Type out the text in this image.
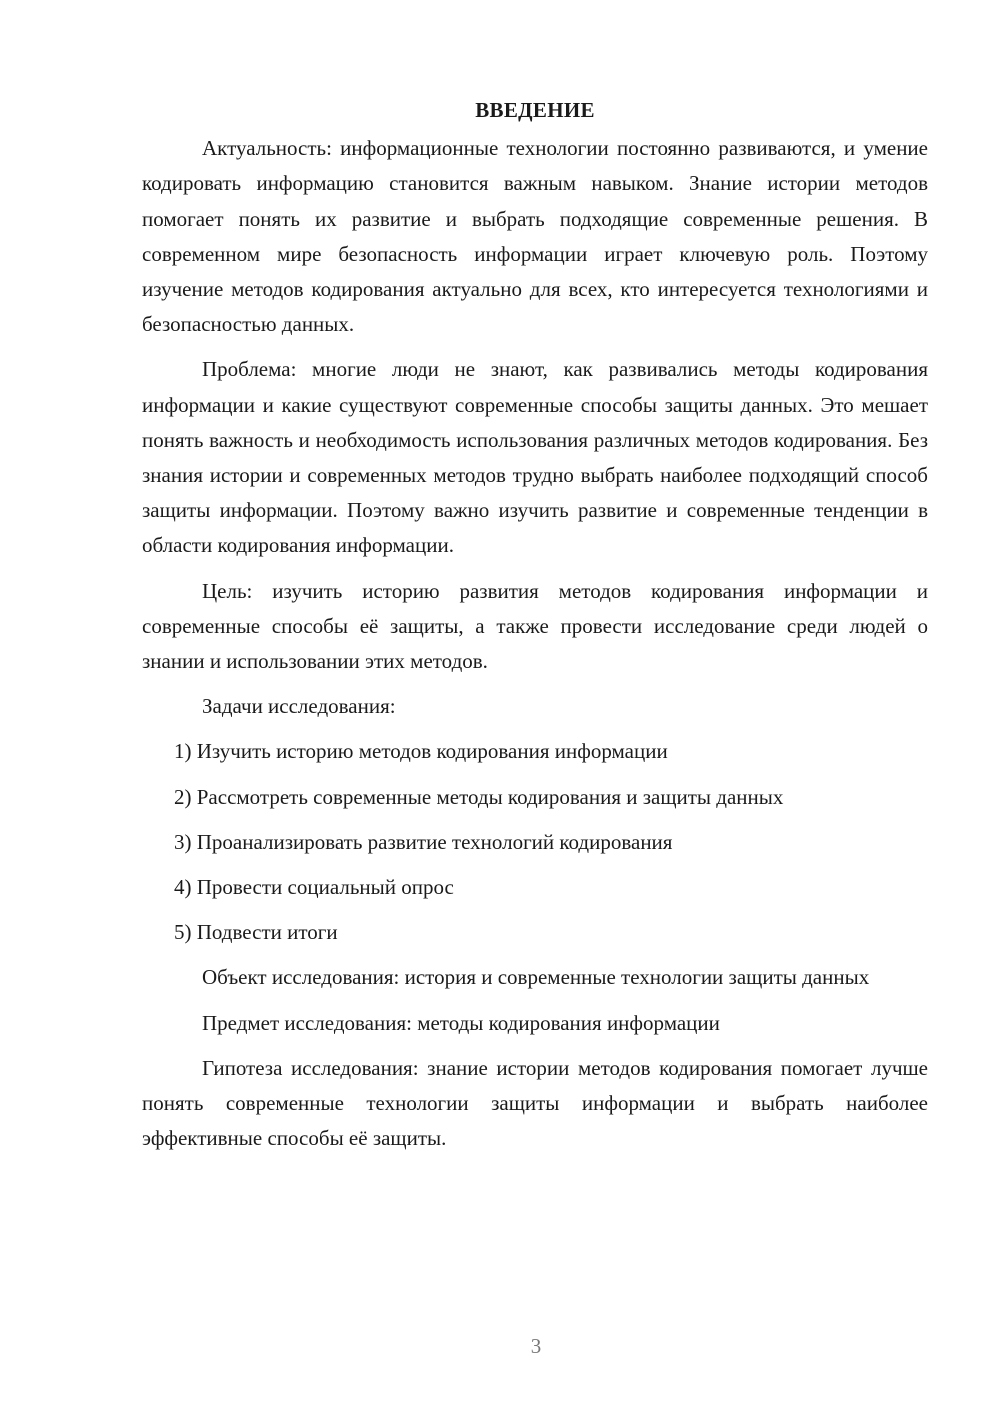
ВВЕДЕНИЕ

Актуальность: информационные технологии постоянно развиваются, и умение кодировать информацию становится важным навыком. Знание истории методов помогает понять их развитие и выбрать подходящие современные решения. В современном мире безопасность информации играет ключевую роль. Поэтому изучение методов кодирования актуально для всех, кто интересуется технологиями и безопасностью данных.

Проблема: многие люди не знают, как развивались методы кодирования информации и какие существуют современные способы защиты данных. Это мешает понять важность и необходимость использования различных методов кодирования. Без знания истории и современных методов трудно выбрать наиболее подходящий способ защиты информации. Поэтому важно изучить развитие и современные тенденции в области кодирования информации.

Цель: изучить историю развития методов кодирования информации и современные способы её защиты, а также провести исследование среди людей о знании и использовании этих методов.

Задачи исследования:

1) Изучить историю методов кодирования информации

2) Рассмотреть современные методы кодирования и защиты данных

3) Проанализировать развитие технологий кодирования

4) Провести социальный опрос

5) Подвести итоги

Объект исследования: история и современные технологии защиты данных

Предмет исследования: методы кодирования информации

Гипотеза исследования: знание истории методов кодирования помогает лучше понять современные технологии защиты информации и выбрать наиболее эффективные способы её защиты.

3
